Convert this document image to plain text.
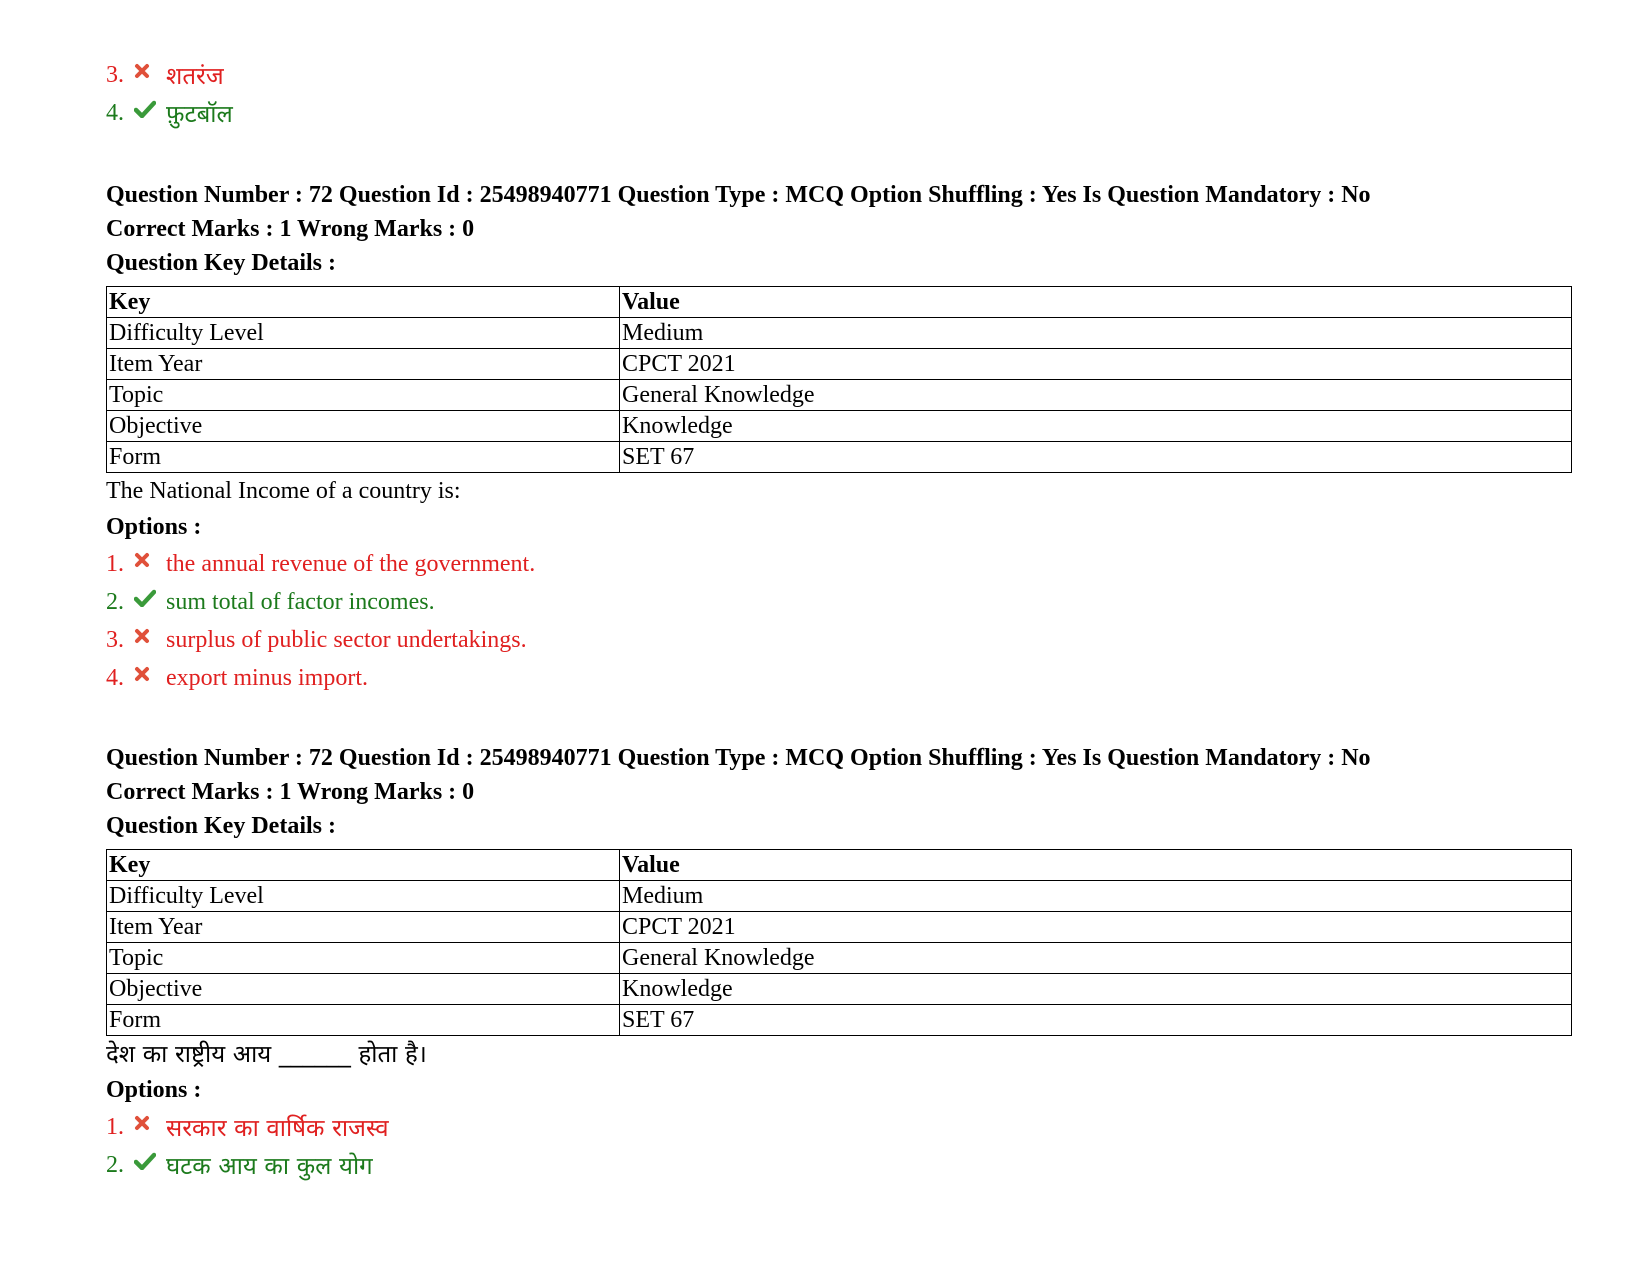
3.	शतरंज
4.	फ़ुटबॉल
Question Number : 72 Question Id : 25498940771 Question Type : MCQ Option Shuffling : Yes Is Question Mandatory : No
Correct Marks : 1 Wrong Marks : 0
Question Key Details :
Key	Value
Difficulty Level	Medium
Item Year	CPCT 2021
Topic	General Knowledge
Objective	Knowledge
Form	SET 67
The National Income of a country is:
Options :
1.	the annual revenue of the government.
2.	sum total of factor incomes.
3.	surplus of public sector undertakings.
4.	export minus import.
Question Number : 72 Question Id : 25498940771 Question Type : MCQ Option Shuffling : Yes Is Question Mandatory : No
Correct Marks : 1 Wrong Marks : 0
Question Key Details :
Key	Value
Difficulty Level	Medium
Item Year	CPCT 2021
Topic	General Knowledge
Objective	Knowledge
Form	SET 67
देश का राष्ट्रीय आय ______ होता है।
Options :
1.	सरकार का वार्षिक राजस्व
2.	घटक आय का कुल योग
